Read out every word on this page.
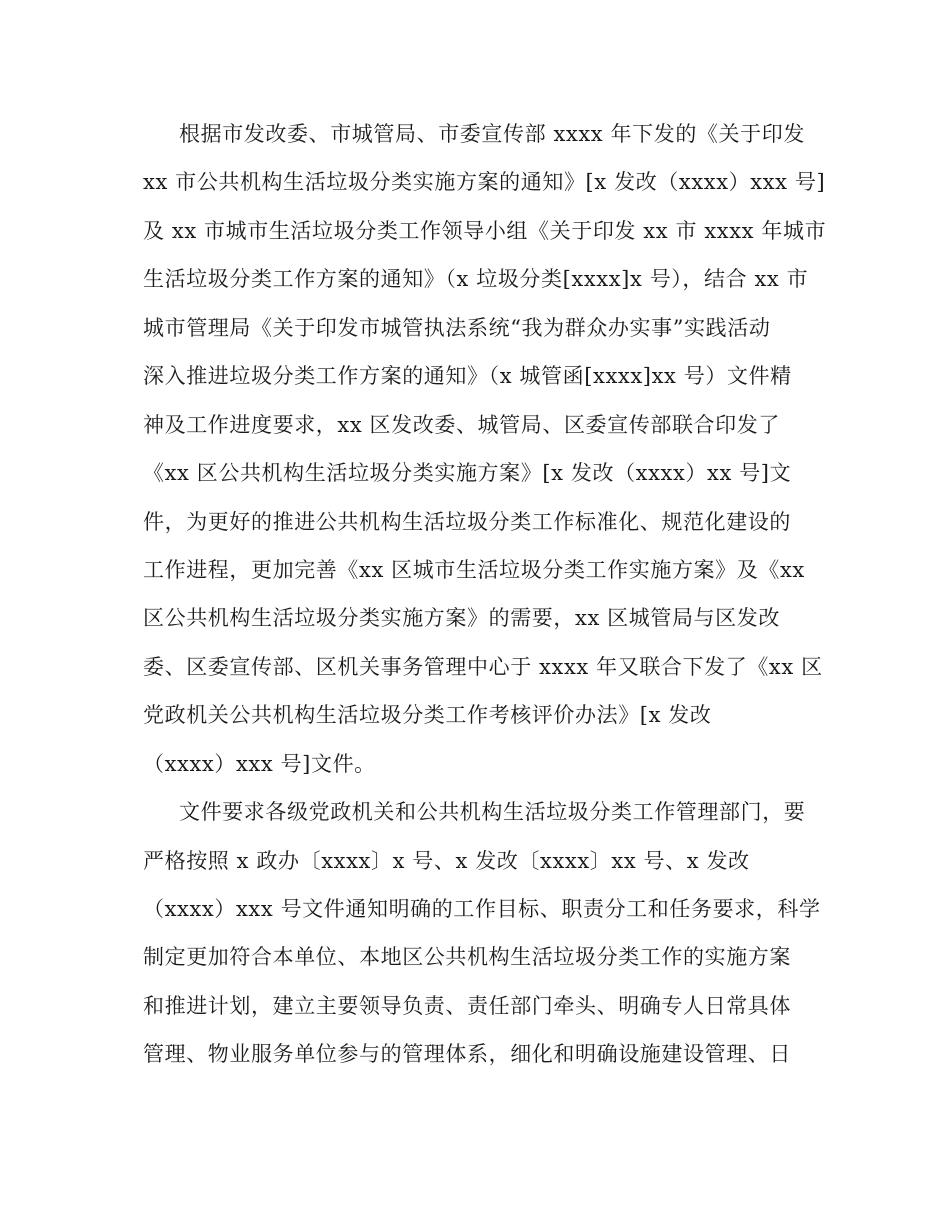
根据市发改委、市城管局、市委宣传部 xxxx 年下发的《关于印发
xx 市公共机构生活垃圾分类实施方案的通知》[x 发改（xxxx）xxx 号]
及 xx 市城市生活垃圾分类工作领导小组《关于印发 xx 市 xxxx 年城市
生活垃圾分类工作方案的通知》（x 垃圾分类[xxxx]x 号），结合 xx 市
城市管理局《关于印发市城管执法系统“我为群众办实事”实践活动
深入推进垃圾分类工作方案的通知》（x 城管函[xxxx]xx 号）文件精
神及工作进度要求，xx 区发改委、城管局、区委宣传部联合印发了
《xx 区公共机构生活垃圾分类实施方案》[x 发改（xxxx）xx 号]文
件，为更好的推进公共机构生活垃圾分类工作标准化、规范化建设的
工作进程，更加完善《xx 区城市生活垃圾分类工作实施方案》及《xx
区公共机构生活垃圾分类实施方案》的需要，xx 区城管局与区发改
委、区委宣传部、区机关事务管理中心于 xxxx 年又联合下发了《xx 区
党政机关公共机构生活垃圾分类工作考核评价办法》[x 发改
（xxxx）xxx 号]文件。
文件要求各级党政机关和公共机构生活垃圾分类工作管理部门，要
严格按照 x 政办〔xxxx〕x 号、x 发改〔xxxx〕xx 号、x 发改
（xxxx）xxx 号文件通知明确的工作目标、职责分工和任务要求，科学
制定更加符合本单位、本地区公共机构生活垃圾分类工作的实施方案
和推进计划，建立主要领导负责、责任部门牵头、明确专人日常具体
管理、物业服务单位参与的管理体系，细化和明确设施建设管理、日
